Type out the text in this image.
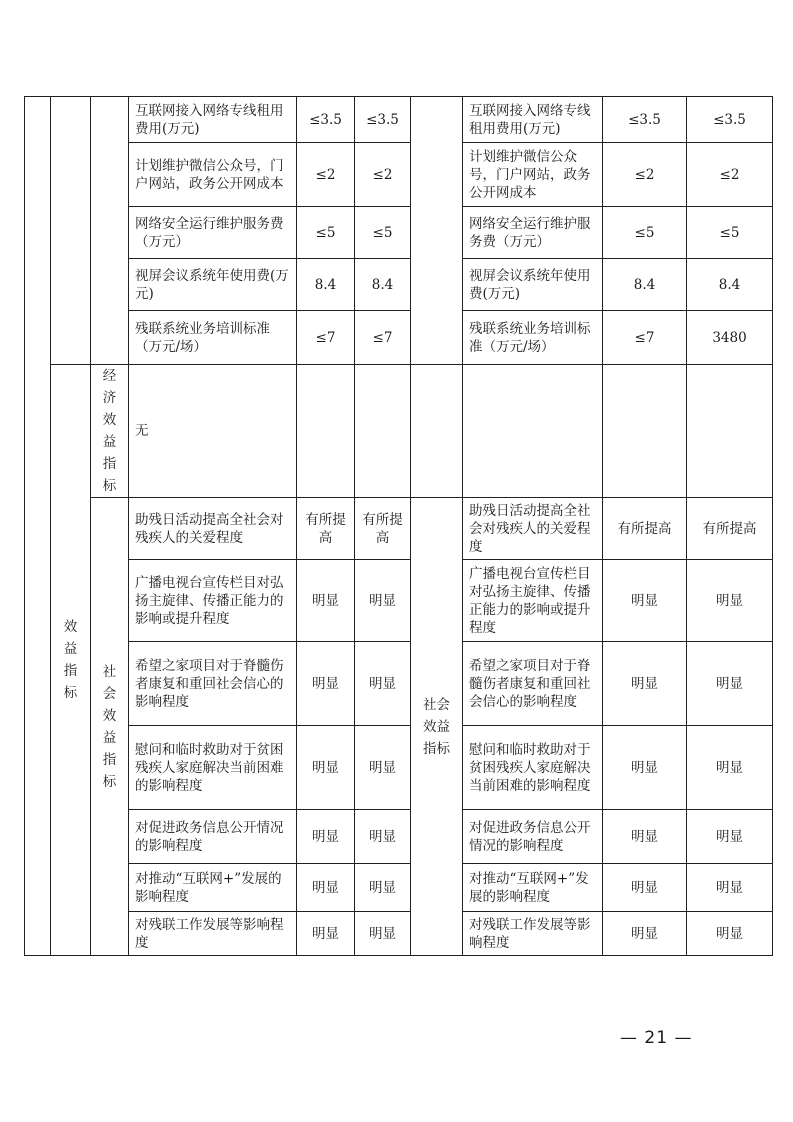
			互联网接入网络专线租用费用(万元)	≤3.5	≤3.5		互联网接入网络专线租用费用(万元)	≤3.5	≤3.5
			计划维护微信公众号，门户网站，政务公开网成本	≤2	≤2		计划维护微信公众号，门户网站，政务公开网成本	≤2	≤2
			网络安全运行维护服务费（万元）	≤5	≤5		网络安全运行维护服务费（万元）	≤5	≤5
			视屏会议系统年使用费(万元)	8.4	8.4		视屏会议系统年使用费(万元)	8.4	8.4
			残联系统业务培训标准（万元/场）	≤7	≤7		残联系统业务培训标准（万元/场）	≤7	3480

	效益指标	经济效益指标	无						

		社会效益指标	助残日活动提高全社会对残疾人的关爱程度	有所提高	有所提高	社会效益指标	助残日活动提高全社会对残疾人的关爱程度	有所提高	有所提高
			广播电视台宣传栏目对弘扬主旋律、传播正能力的影响或提升程度	明显	明显		广播电视台宣传栏目对弘扬主旋律、传播正能力的影响或提升程度	明显	明显
			希望之家项目对于脊髓伤者康复和重回社会信心的影响程度	明显	明显		希望之家项目对于脊髓伤者康复和重回社会信心的影响程度	明显	明显
			慰问和临时救助对于贫困残疾人家庭解决当前困难的影响程度	明显	明显		慰问和临时救助对于贫困残疾人家庭解决当前困难的影响程度	明显	明显
			对促进政务信息公开情况的影响程度	明显	明显		对促进政务信息公开情况的影响程度	明显	明显
			对推动“互联网+”发展的影响程度	明显	明显		对推动“互联网+”发展的影响程度	明显	明显
			对残联工作发展等影响程度	明显	明显		对残联工作发展等影响程度	明显	明显
— 21 —
